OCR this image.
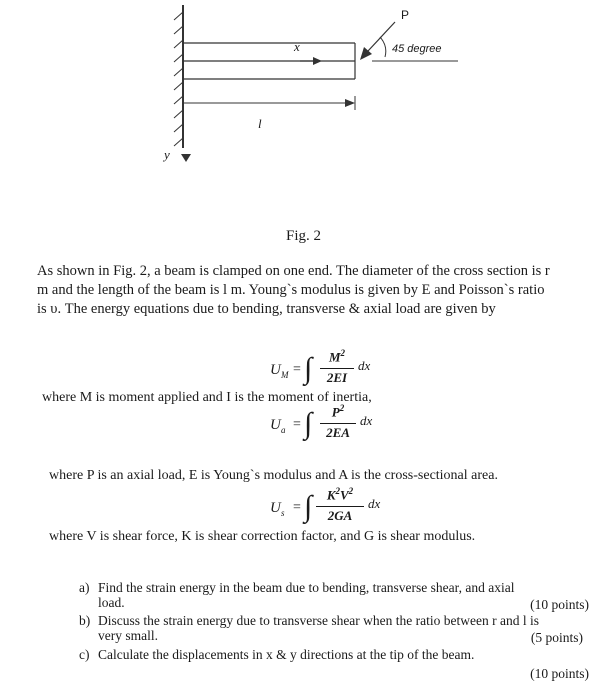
P
x
y
l
45 degree
Fig. 2
As shown in Fig. 2, a beam is clamped on one end. The diameter of the cross section is r
m and the length of the beam is l m. Young`s modulus is given by E and Poisson`s ratio
is υ. The energy equations due to bending, transverse & axial load are given by
U M = ∫	$M^2$
2EI
dx
where M is moment applied and I is the moment of inertia,
U a = ∫	$P^2$
2EA
dx
where P is an axial load, E is Young`s modulus and A is the cross-sectional area.
U s = ∫	$K^2V^2$
2GA
dx
where V is shear force, K is shear correction factor, and G is shear modulus.
a) Find the strain energy in the beam due to bending, transverse shear, and axial
load.	(10 points)
b) Discuss the strain energy due to transverse shear when the ratio between r and l is
very small.	(5 points)
c) Calculate the displacements in x & y directions at the tip of the beam.
(10 points)
